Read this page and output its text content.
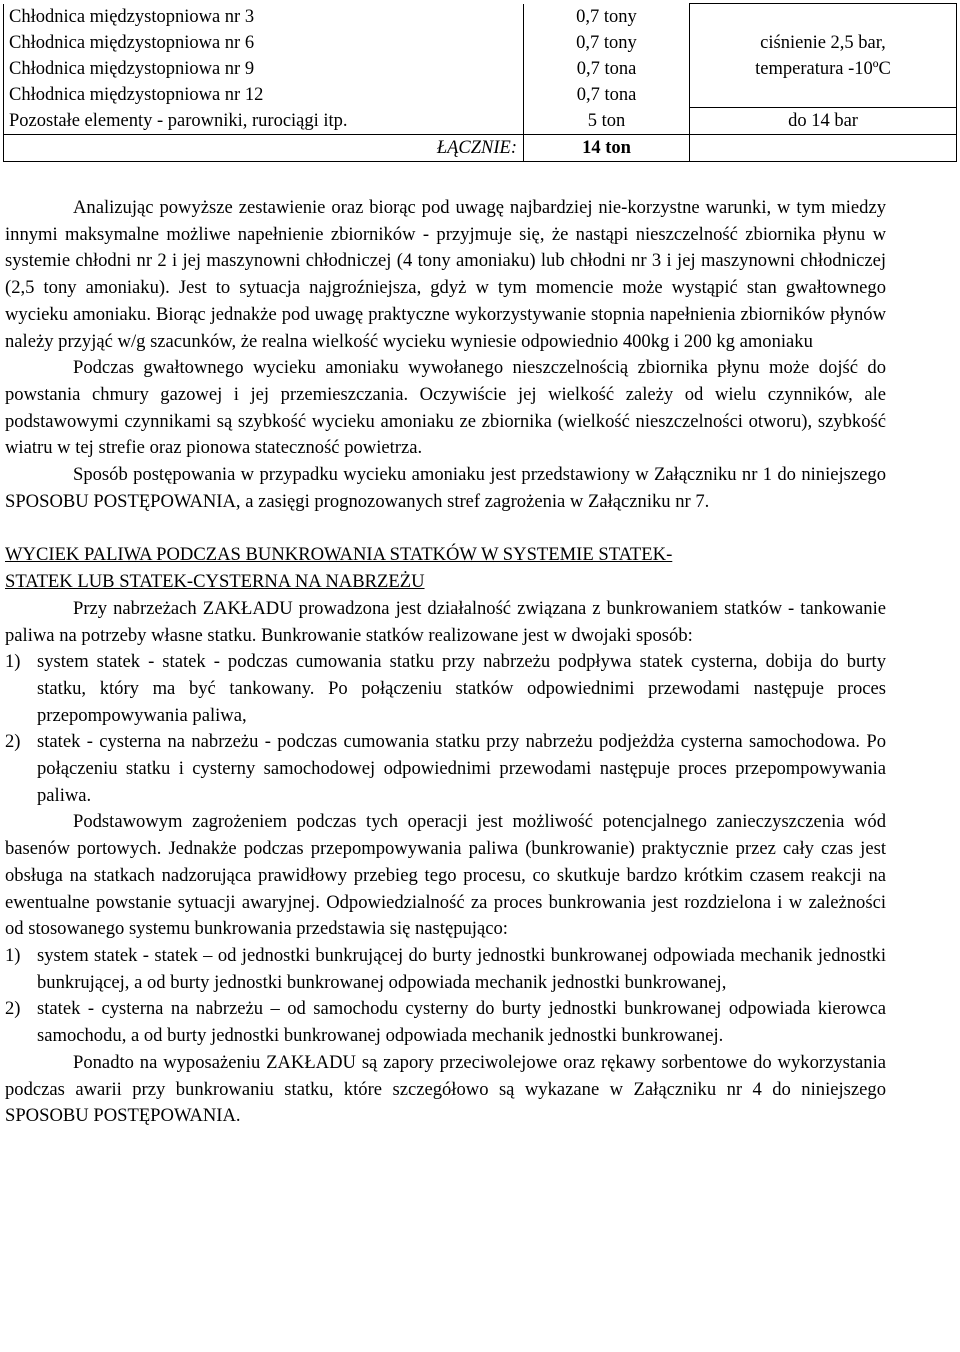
Chłodnica międzystopniowa nr 3	0,7 tony	ciśnienie 2,5 bar,
temperatura -10ºC

Chłodnica międzystopniowa nr 6	0,7 tony	
Chłodnica międzystopniowa nr 9	0,7 tona	
Chłodnica międzystopniowa nr 12	0,7 tona	
Pozostałe elementy - parowniki, rurociągi itp.	5 ton	do 14 bar
ŁĄCZNIE:	14 ton	

Analizując powyższe zestawienie oraz biorąc pod uwagę najbardziej nie-korzystne warunki, w tym miedzy innymi maksymalne możliwe napełnienie zbiorników - przyjmuje się, że nastąpi nieszczelność zbiornika płynu w systemie chłodni nr 2 i jej maszynowni chłodniczej (4 tony amoniaku) lub chłodni nr 3 i jej maszynowni chłodniczej (2,5 tony amoniaku). Jest to sytuacja najgroźniejsza, gdyż w tym momencie może wystąpić stan gwałtownego wycieku amoniaku. Biorąc jednakże pod uwagę praktyczne wykorzystywanie stopnia napełnienia zbiorników płynów należy przyjąć w/g szacunków, że realna wielkość wycieku wyniesie odpowiednio 400kg i 200 kg amoniaku

Podczas gwałtownego wycieku amoniaku wywołanego nieszczelnością zbiornika płynu może dojść do powstania chmury gazowej i jej przemieszczania. Oczywiście jej wielkość zależy od wielu czynników, ale podstawowymi czynnikami są szybkość wycieku amoniaku ze zbiornika (wielkość nieszczelności otworu), szybkość wiatru w tej strefie oraz pionowa stateczność powietrza.

Sposób postępowania w przypadku wycieku amoniaku jest przedstawiony w Załączniku nr 1 do niniejszego SPOSOBU POSTĘPOWANIA, a zasięgi prognozowanych stref zagrożenia w Załączniku nr 7.

WYCIEK PALIWA PODCZAS BUNKROWANIA STATKÓW W SYSTEMIE STATEK-

STATEK LUB STATEK-CYSTERNA NA NABRZEŻU

Przy nabrzeżach ZAKŁADU prowadzona jest działalność związana z bunkrowaniem statków - tankowanie paliwa na potrzeby własne statku. Bunkrowanie statków realizowane jest w dwojaki sposób:

1) system statek - statek - podczas cumowania statku przy nabrzeżu podpływa statek cysterna, dobija do burty statku, który ma być tankowany. Po połączeniu statków odpowiednimi przewodami następuje proces przepompowywania paliwa,
2) statek - cysterna na nabrzeżu - podczas cumowania statku przy nabrzeżu podjeżdża cysterna samochodowa. Po połączeniu statku i cysterny samochodowej odpowiednimi przewodami następuje proces przepompowywania paliwa.

Podstawowym zagrożeniem podczas tych operacji jest możliwość potencjalnego zanieczyszczenia wód basenów portowych. Jednakże podczas przepompowywania paliwa (bunkrowanie) praktycznie przez cały czas jest obsługa na statkach nadzorująca prawidłowy przebieg tego procesu, co skutkuje bardzo krótkim czasem reakcji na ewentualne powstanie sytuacji awaryjnej. Odpowiedzialność za proces bunkrowania jest rozdzielona i w zależności od stosowanego systemu bunkrowania przedstawia się następująco:

1) system statek - statek – od jednostki bunkrującej do burty jednostki bunkrowanej odpowiada mechanik jednostki bunkrującej, a od burty jednostki bunkrowanej odpowiada mechanik jednostki bunkrowanej,
2) statek - cysterna na nabrzeżu – od samochodu cysterny do burty jednostki bunkrowanej odpowiada kierowca samochodu, a od burty jednostki bunkrowanej odpowiada mechanik jednostki bunkrowanej.

Ponadto na wyposażeniu ZAKŁADU są zapory przeciwolejowe oraz rękawy sorbentowe do wykorzystania podczas awarii przy bunkrowaniu statku, które szczegółowo są wykazane w Załączniku nr 4 do niniejszego SPOSOBU POSTĘPOWANIA.
